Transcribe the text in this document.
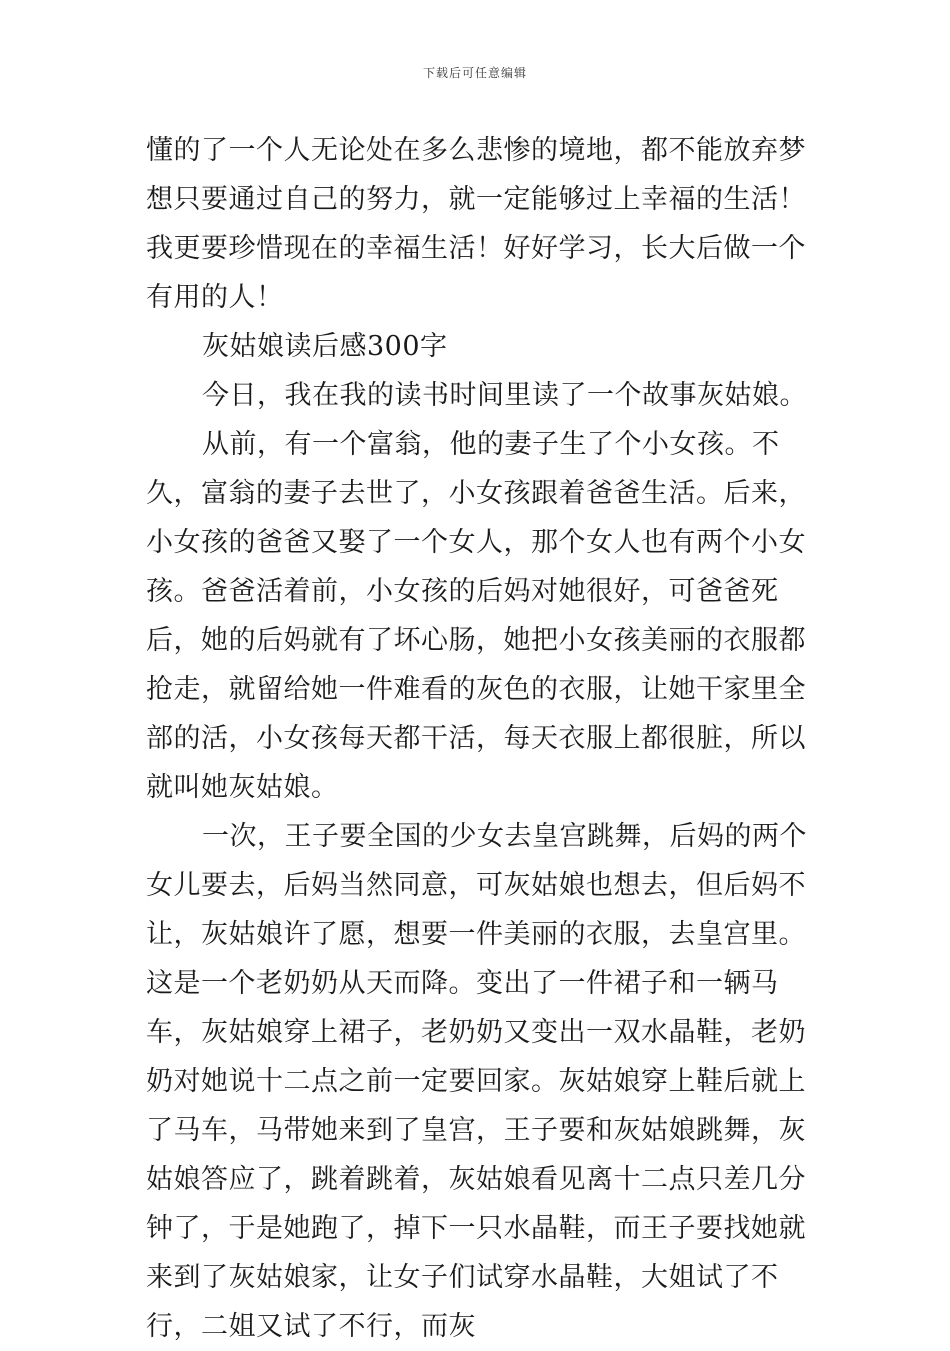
下载后可任意编辑

懂的了一个人无论处在多么悲惨的境地，都不能放弃梦想只要通过自己的努力，就一定能够过上幸福的生活！我更要珍惜现在的幸福生活！好好学习，长大后做一个有用的人！

灰姑娘读后感300字

今日，我在我的读书时间里读了一个故事灰姑娘。

从前，有一个富翁，他的妻子生了个小女孩。不久，富翁的妻子去世了，小女孩跟着爸爸生活。后来，小女孩的爸爸又娶了一个女人，那个女人也有两个小女孩。爸爸活着前，小女孩的后妈对她很好，可爸爸死后，她的后妈就有了坏心肠，她把小女孩美丽的衣服都抢走，就留给她一件难看的灰色的衣服，让她干家里全部的活，小女孩每天都干活，每天衣服上都很脏，所以就叫她灰姑娘。

一次，王子要全国的少女去皇宫跳舞，后妈的两个女儿要去，后妈当然同意，可灰姑娘也想去，但后妈不让，灰姑娘许了愿，想要一件美丽的衣服，去皇宫里。这是一个老奶奶从天而降。变出了一件裙子和一辆马车，灰姑娘穿上裙子，老奶奶又变出一双水晶鞋，老奶奶对她说十二点之前一定要回家。灰姑娘穿上鞋后就上了马车，马带她来到了皇宫，王子要和灰姑娘跳舞，灰姑娘答应了，跳着跳着，灰姑娘看见离十二点只差几分钟了，于是她跑了，掉下一只水晶鞋，而王子要找她就来到了灰姑娘家，让女子们试穿水晶鞋，大姐试了不行，二姐又试了不行，而灰
